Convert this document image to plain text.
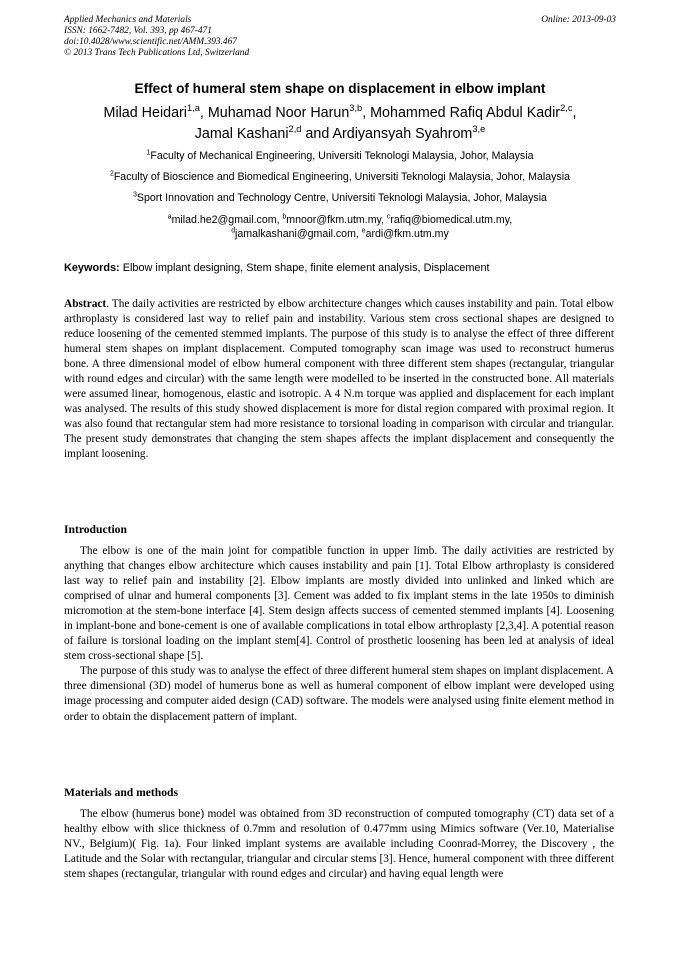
Applied Mechanics and Materials
ISSN: 1662-7482, Vol. 393, pp 467-471
doi:10.4028/www.scientific.net/AMM.393.467
© 2013 Trans Tech Publications Ltd, Switzerland
Online: 2013-09-03
Effect of humeral stem shape on displacement in elbow implant
Milad Heidari$^{1,a}$, Muhamad Noor Harun$^{3,b}$, Mohammed Rafiq Abdul Kadir$^{2,c}$,
Jamal Kashani$^{2,d}$ and Ardiyansyah Syahrom$^{3,e}$
$^1$Faculty of Mechanical Engineering, Universiti Teknologi Malaysia, Johor, Malaysia
$^2$Faculty of Bioscience and Biomedical Engineering, Universiti Teknologi Malaysia, Johor, Malaysia
$^3$Sport Innovation and Technology Centre, Universiti Teknologi Malaysia, Johor, Malaysia
$^a$milad.he2@gmail.com, $^b$mnoor@fkm.utm.my, $^c$rafiq@biomedical.utm.my,
$^d$jamalkashani@gmail.com, $^e$ardi@fkm.utm.my
Keywords: Elbow implant designing, Stem shape, finite element analysis, Displacement

Abstract. The daily activities are restricted by elbow architecture changes which causes instability and pain. Total elbow arthroplasty is considered last way to relief pain and instability. Various stem cross sectional shapes are designed to reduce loosening of the cemented stemmed implants. The purpose of this study is to analyse the effect of three different humeral stem shapes on implant displacement. Computed tomography scan image was used to reconstruct humerus bone. A three dimensional model of elbow humeral component with three different stem shapes (rectangular, triangular with round edges and circular) with the same length were modelled to be inserted in the constructed bone. All materials were assumed linear, homogenous, elastic and isotropic. A 4 N.m torque was applied and displacement for each implant was analysed. The results of this study showed displacement is more for distal region compared with proximal region. It was also found that rectangular stem had more resistance to torsional loading in comparison with circular and triangular. The present study demonstrates that changing the stem shapes affects the implant displacement and consequently the implant loosening.

Introduction

The elbow is one of the main joint for compatible function in upper limb. The daily activities are restricted by anything that changes elbow architecture which causes instability and pain [1]. Total Elbow arthroplasty is considered last way to relief pain and instability [2]. Elbow implants are mostly divided into unlinked and linked which are comprised of ulnar and humeral components [3]. Cement was added to fix implant stems in the late 1950s to diminish micromotion at the stem-bone interface [4]. Stem design affects success of cemented stemmed implants [4]. Loosening in implant-bone and bone-cement is one of available complications in total elbow arthroplasty [2,3,4]. A potential reason of failure is torsional loading on the implant stem[4]. Control of prosthetic loosening has been led at analysis of ideal stem cross-sectional shape [5].

The purpose of this study was to analyse the effect of three different humeral stem shapes on implant displacement. A three dimensional (3D) model of humerus bone as well as humeral component of elbow implant were developed using image processing and computer aided design (CAD) software. The models were analysed using finite element method in order to obtain the displacement pattern of implant.

Materials and methods

The elbow (humerus bone) model was obtained from 3D reconstruction of computed tomography (CT) data set of a healthy elbow with slice thickness of 0.7mm and resolution of 0.477mm using Mimics software (Ver.10, Materialise NV., Belgium)( Fig. 1a). Four linked implant systems are available including Coonrad-Morrey, the Discovery , the Latitude and the Solar with rectangular, triangular and circular stems [3]. Hence, humeral component with three different stem shapes (rectangular, triangular with round edges and circular) and having equal length were
